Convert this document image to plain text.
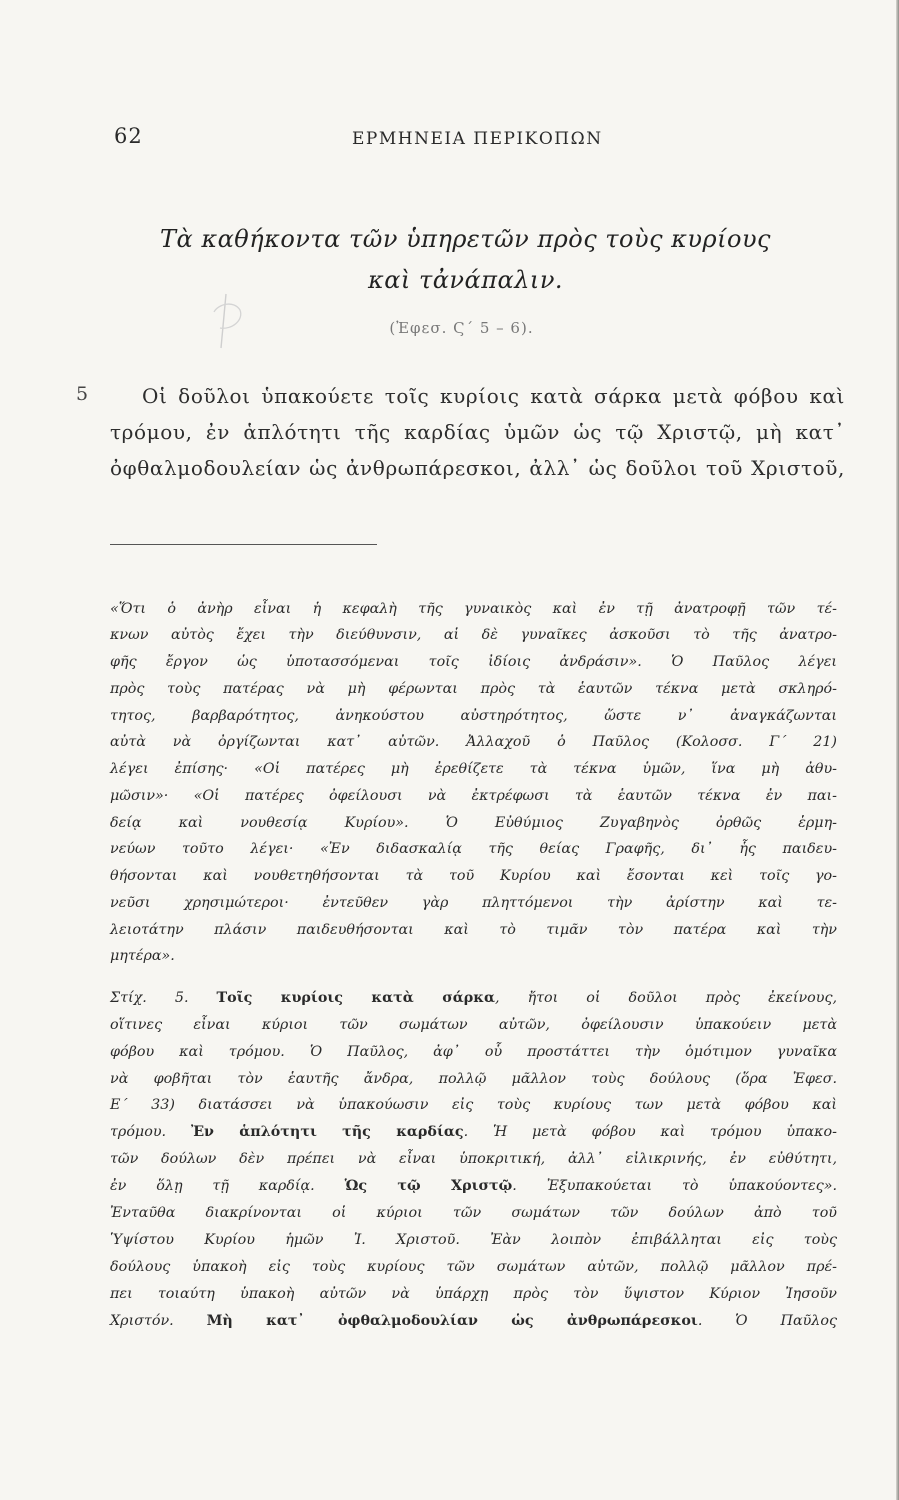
62	ΕΡΜΗΝΕΙΑ ΠΕΡΙΚΟΠΩΝ
Τὰ καθήκοντα τῶν ὑπηρετῶν πρὸς τοὺς κυρίους
καὶ τἀνάπαλιν.
(Ἐφεσ. Ϛ΄ 5 – 6).
5	Οἱ δοῦλοι ὑπακούετε τοῖς κυρίοις κατὰ σάρκα μετὰ φόβου καὶ
τρόμου, ἐν ἁπλότητι τῆς καρδίας ὑμῶν ὡς τῷ Χριστῷ, μὴ κατ᾿
ὀφθαλμοδουλείαν ὡς ἀνθρωπάρεσκοι, ἀλλ᾿ ὡς δοῦλοι τοῦ Χριστοῦ,
«Ὅτι ὁ ἀνὴρ εἶναι ἡ κεφαλὴ τῆς γυναικὸς καὶ ἐν τῇ ἀνατροφῇ τῶν τέ-
κνων αὐτὸς ἔχει τὴν διεύθυνσιν, αἱ δὲ γυναῖκες ἀσκοῦσι τὸ τῆς ἀνατρο-
φῆς ἔργον ὡς ὑποτασσόμεναι τοῖς ἰδίοις ἀνδράσιν». Ὁ Παῦλος λέγει
πρὸς τοὺς πατέρας νὰ μὴ φέρωνται πρὸς τὰ ἑαυτῶν τέκνα μετὰ σκληρό-
τητος, βαρβαρότητος, ἀνηκούστου αὐστηρότητος, ὥστε ν᾿ ἀναγκάζωνται
αὐτὰ νὰ ὀργίζωνται κατ᾿ αὐτῶν. Ἀλλαχοῦ ὁ Παῦλος (Κολοσσ. Γ΄ 21)
λέγει ἐπίσης· «Οἱ πατέρες μὴ ἐρεθίζετε τὰ τέκνα ὑμῶν, ἵνα μὴ ἀθυ-
μῶσιν»· «Οἱ πατέρες ὀφείλουσι νὰ ἐκτρέφωσι τὰ ἑαυτῶν τέκνα ἐν παι-
δείᾳ καὶ νουθεσίᾳ Κυρίου». Ὁ Εὐθύμιος Ζυγαβηνὸς ὀρθῶς ἑρμη-
νεύων τοῦτο λέγει· «Ἐν διδασκαλίᾳ τῆς θείας Γραφῆς, δι᾿ ἧς παιδευ-
θήσονται καὶ νουθετηθήσονται τὰ τοῦ Κυρίου καὶ ἔσονται κεὶ τοῖς γο-
νεῦσι χρησιμώτεροι· ἐντεῦθεν γὰρ πληττόμενοι τὴν ἀρίστην καὶ τε-
λειοτάτην πλάσιν παιδευθήσονται καὶ τὸ τιμᾶν τὸν πατέρα καὶ τὴν
μητέρα».
Στίχ. 5. Τοῖς κυρίοις κατὰ σάρκα, ἤτοι οἱ δοῦλοι πρὸς ἐκείνους,
οἵτινες εἶναι κύριοι τῶν σωμάτων αὐτῶν, ὀφείλουσιν ὑπακούειν μετὰ
φόβου καὶ τρόμου. Ὁ Παῦλος, ἀφ᾿ οὗ προστάττει τὴν ὁμότιμον γυναῖκα
νὰ φοβῆται τὸν ἑαυτῆς ἄνδρα, πολλῷ μᾶλλον τοὺς δούλους (ὅρα Ἐφεσ.
Ε΄ 33) διατάσσει νὰ ὑπακούωσιν εἰς τοὺς κυρίους των μετὰ φόβου καὶ
τρόμου. Ἐν ἁπλότητι τῆς καρδίας. Ἡ μετὰ φόβου καὶ τρόμου ὑπακο-
τῶν δούλων δὲν πρέπει νὰ εἶναι ὑποκριτική, ἀλλ᾿ εἰλικρινής, ἐν εὐθύτητι,
ἐν ὅλῃ τῇ καρδίᾳ. Ὡς τῷ Χριστῷ. Ἐξυπακούεται τὸ ὑπακούοντες».
Ἐνταῦθα διακρίνονται οἱ κύριοι τῶν σωμάτων τῶν δούλων ἀπὸ τοῦ
Ὑψίστου Κυρίου ἡμῶν Ἰ. Χριστοῦ. Ἐὰν λοιπὸν ἐπιβάλληται εἰς τοὺς
δούλους ὑπακοὴ εἰς τοὺς κυρίους τῶν σωμάτων αὐτῶν, πολλῷ μᾶλλον πρέ-
πει τοιαύτη ὑπακοὴ αὐτῶν νὰ ὑπάρχῃ πρὸς τὸν ὕψιστον Κύριον Ἰησοῦν
Χριστόν. Μὴ κατ᾿ ὀφθαλμοδουλίαν ὡς ἀνθρωπάρεσκοι. Ὁ Παῦλος
